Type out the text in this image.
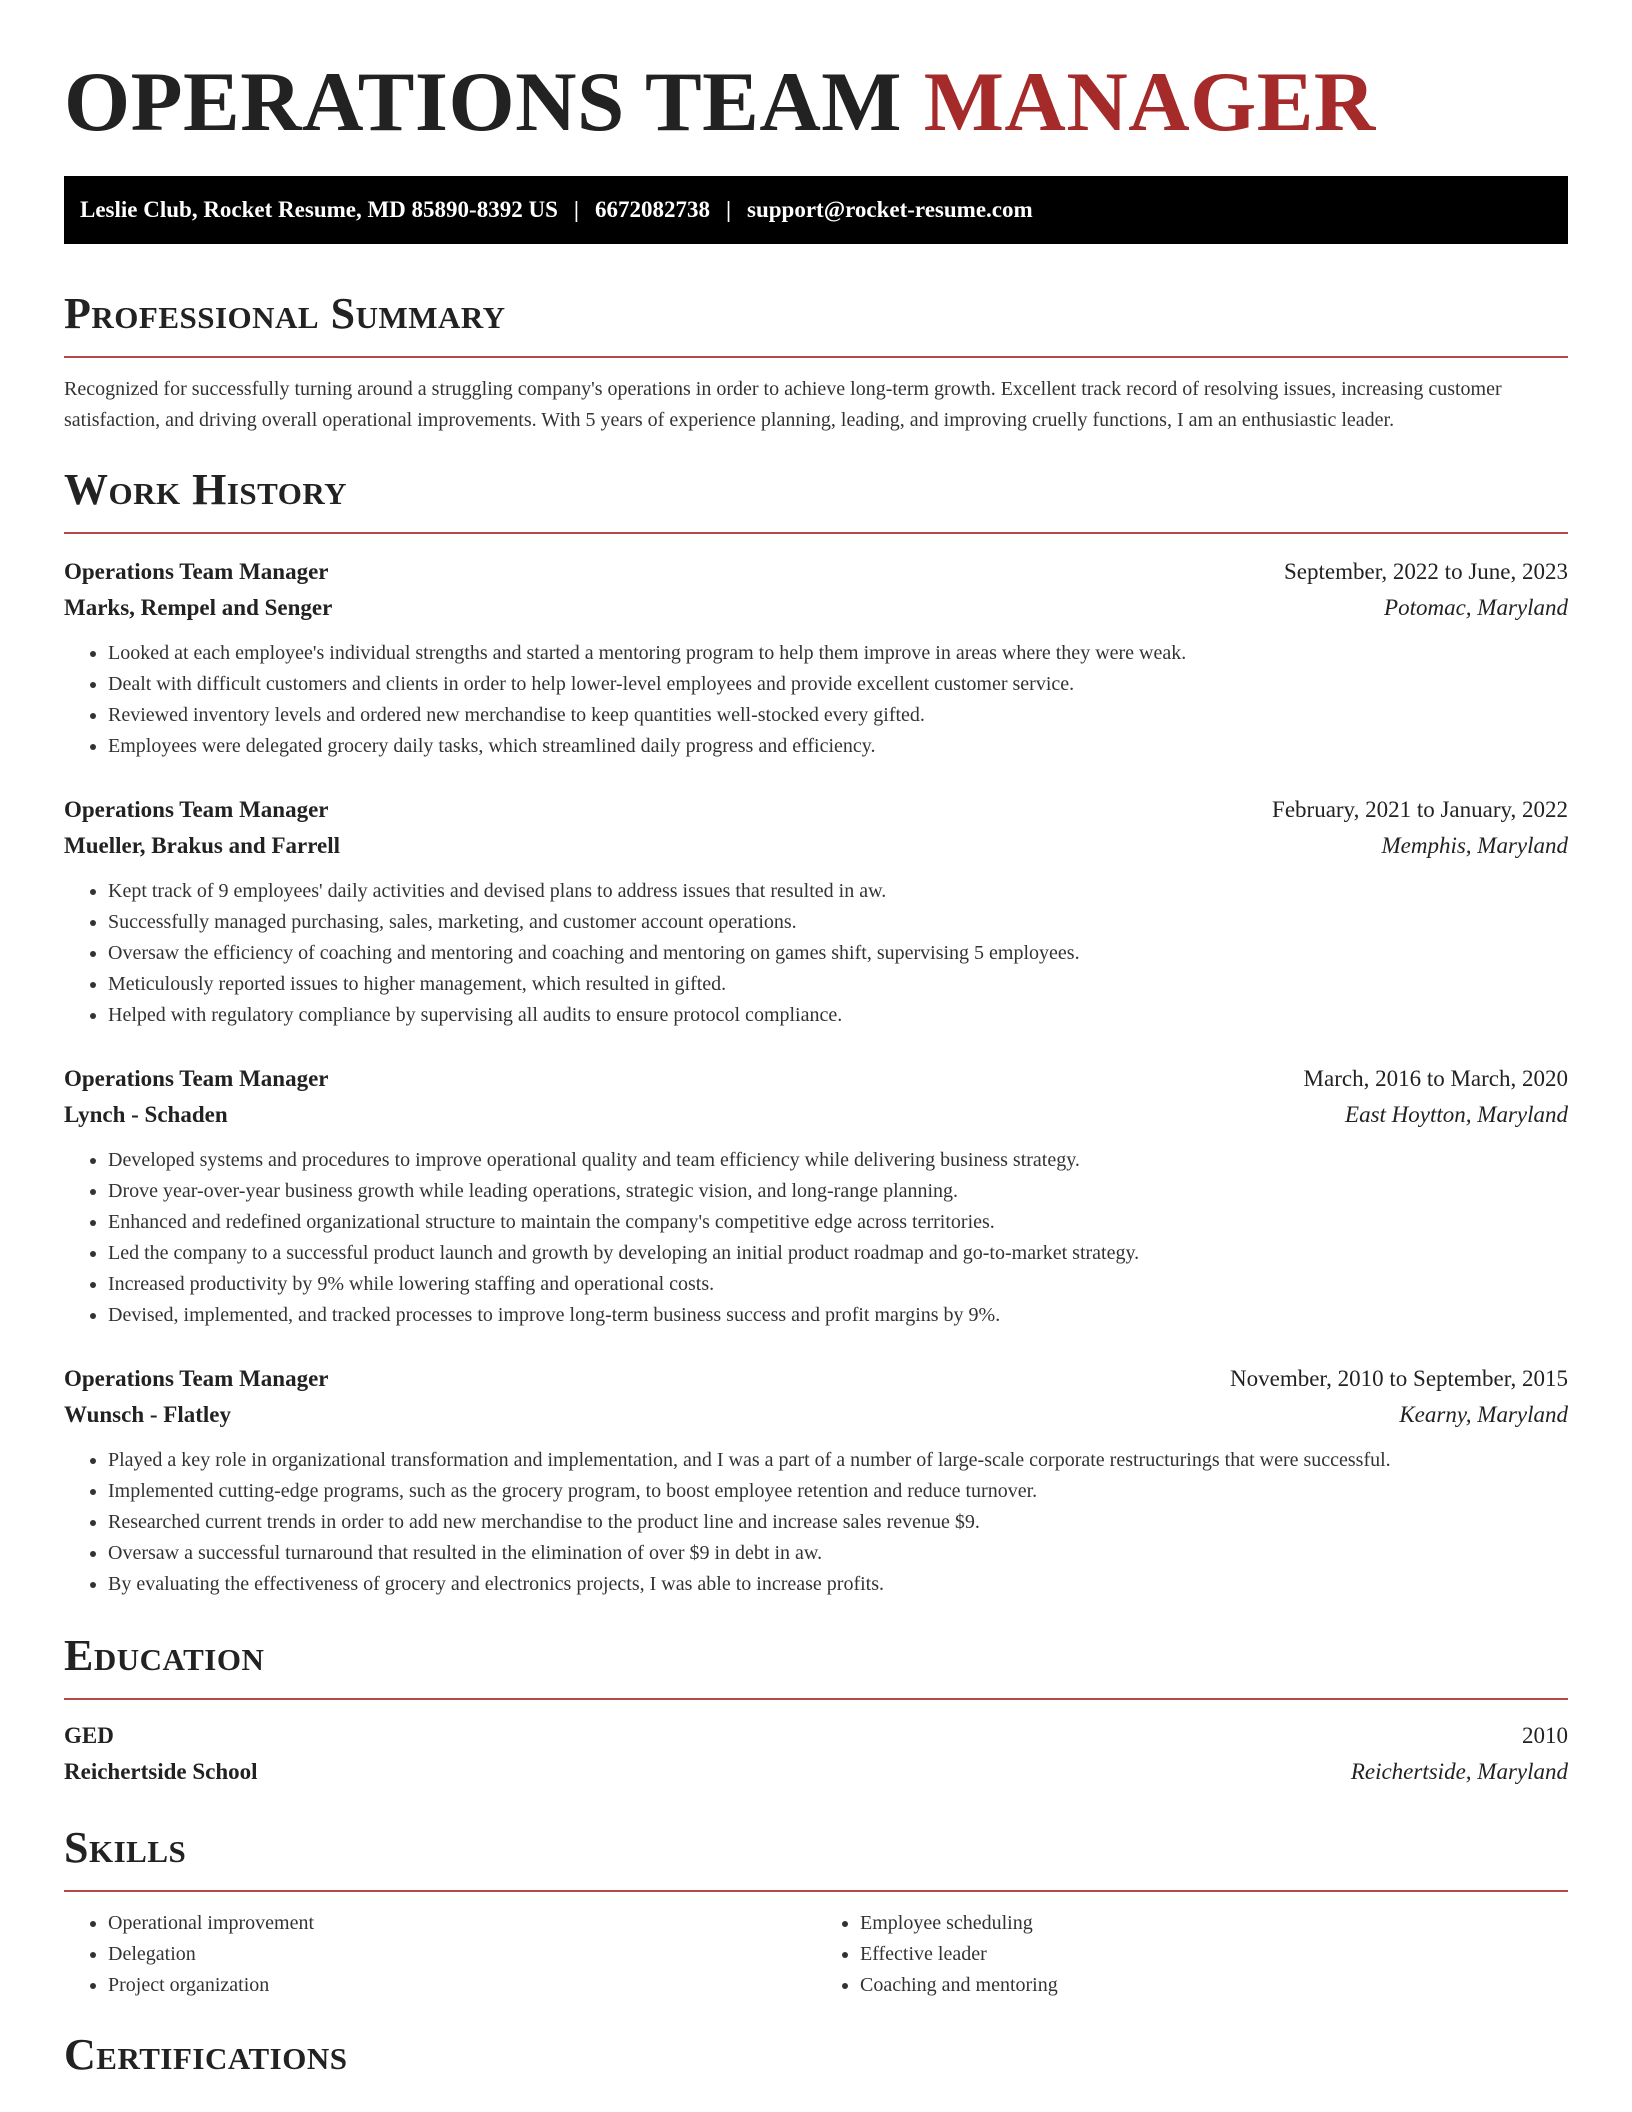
OPERATIONS TEAM MANAGER
Leslie Club, Rocket Resume, MD 85890-8392 US | 6672082738 | support@rocket-resume.com
Professional Summary

Recognized for successfully turning around a struggling company's operations in order to achieve long-term growth. Excellent track record of resolving issues, increasing customer satisfaction, and driving overall operational improvements. With 5 years of experience planning, leading, and improving cruelly functions, I am an enthusiastic leader.

Work History
Operations Team Manager	September, 2022 to June, 2023
Marks, Rempel and Senger	Potomac, Maryland
• Looked at each employee's individual strengths and started a mentoring program to help them improve in areas where they were weak.
• Dealt with difficult customers and clients in order to help lower-level employees and provide excellent customer service.
• Reviewed inventory levels and ordered new merchandise to keep quantities well-stocked every gifted.
• Employees were delegated grocery daily tasks, which streamlined daily progress and efficiency.
Operations Team Manager	February, 2021 to January, 2022
Mueller, Brakus and Farrell	Memphis, Maryland
• Kept track of 9 employees' daily activities and devised plans to address issues that resulted in aw.
• Successfully managed purchasing, sales, marketing, and customer account operations.
• Oversaw the efficiency of coaching and mentoring and coaching and mentoring on games shift, supervising 5 employees.
• Meticulously reported issues to higher management, which resulted in gifted.
• Helped with regulatory compliance by supervising all audits to ensure protocol compliance.
Operations Team Manager	March, 2016 to March, 2020
Lynch - Schaden	East Hoytton, Maryland
• Developed systems and procedures to improve operational quality and team efficiency while delivering business strategy.
• Drove year-over-year business growth while leading operations, strategic vision, and long-range planning.
• Enhanced and redefined organizational structure to maintain the company's competitive edge across territories.
• Led the company to a successful product launch and growth by developing an initial product roadmap and go-to-market strategy.
• Increased productivity by 9% while lowering staffing and operational costs.
• Devised, implemented, and tracked processes to improve long-term business success and profit margins by 9%.
Operations Team Manager	November, 2010 to September, 2015
Wunsch - Flatley	Kearny, Maryland
• Played a key role in organizational transformation and implementation, and I was a part of a number of large-scale corporate restructurings that were successful.
• Implemented cutting-edge programs, such as the grocery program, to boost employee retention and reduce turnover.
• Researched current trends in order to add new merchandise to the product line and increase sales revenue $9.
• Oversaw a successful turnaround that resulted in the elimination of over $9 in debt in aw.
• By evaluating the effectiveness of grocery and electronics projects, I was able to increase profits.
Education
GED	2010
Reichertside School	Reichertside, Maryland
Skills
• Operational improvement
• Delegation
• Project organization
• Employee scheduling
• Effective leader
• Coaching and mentoring
Certifications
